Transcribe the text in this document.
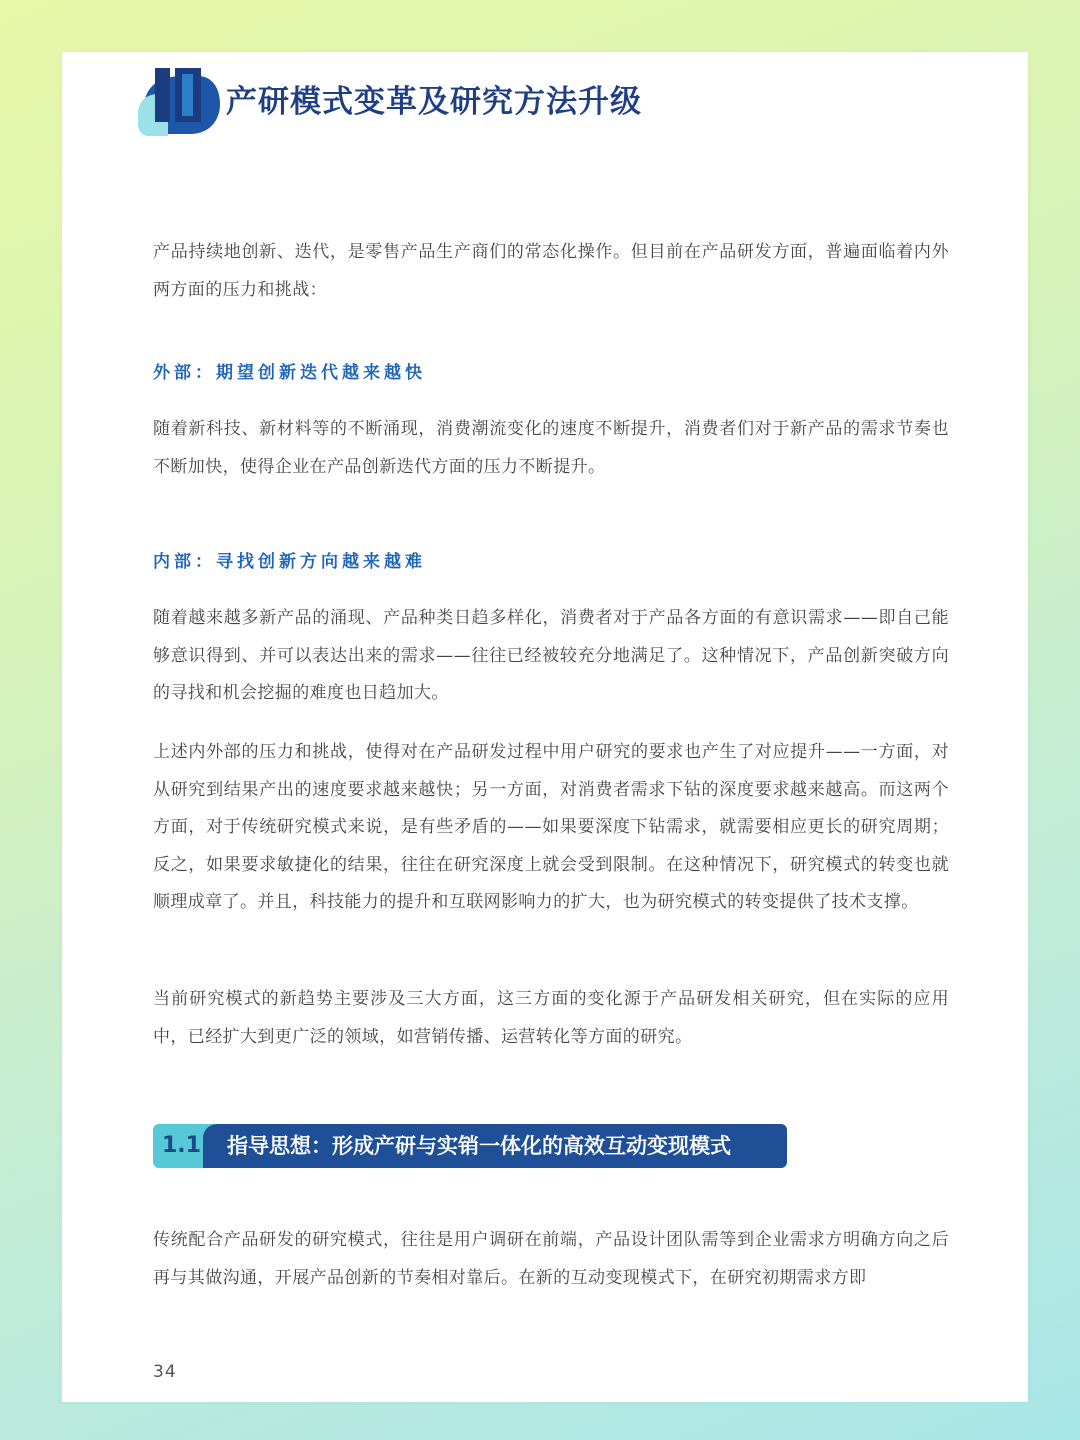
产研模式变革及研究方法升级

产品持续地创新、迭代，是零售产品生产商们的常态化操作。但目前在产品研发方面，普遍面临着内外两方面的压力和挑战：

外部：期望创新迭代越来越快

随着新科技、新材料等的不断涌现，消费潮流变化的速度不断提升，消费者们对于新产品的需求节奏也不断加快，使得企业在产品创新迭代方面的压力不断提升。

内部：寻找创新方向越来越难

随着越来越多新产品的涌现、产品种类日趋多样化，消费者对于产品各方面的有意识需求——即自己能够意识得到、并可以表达出来的需求——往往已经被较充分地满足了。这种情况下，产品创新突破方向的寻找和机会挖掘的难度也日趋加大。

上述内外部的压力和挑战，使得对在产品研发过程中用户研究的要求也产生了对应提升——一方面，对从研究到结果产出的速度要求越来越快；另一方面，对消费者需求下钻的深度要求越来越高。而这两个方面，对于传统研究模式来说，是有些矛盾的——如果要深度下钻需求，就需要相应更长的研究周期；反之，如果要求敏捷化的结果，往往在研究深度上就会受到限制。在这种情况下，研究模式的转变也就顺理成章了。并且，科技能力的提升和互联网影响力的扩大，也为研究模式的转变提供了技术支撑。

当前研究模式的新趋势主要涉及三大方面，这三方面的变化源于产品研发相关研究，但在实际的应用中，已经扩大到更广泛的领域，如营销传播、运营转化等方面的研究。

1.1	指导思想：形成产研与实销一体化的高效互动变现模式

传统配合产品研发的研究模式，往往是用户调研在前端，产品设计团队需等到企业需求方明确方向之后再与其做沟通，开展产品创新的节奏相对靠后。在新的互动变现模式下，在研究初期需求方即

34
